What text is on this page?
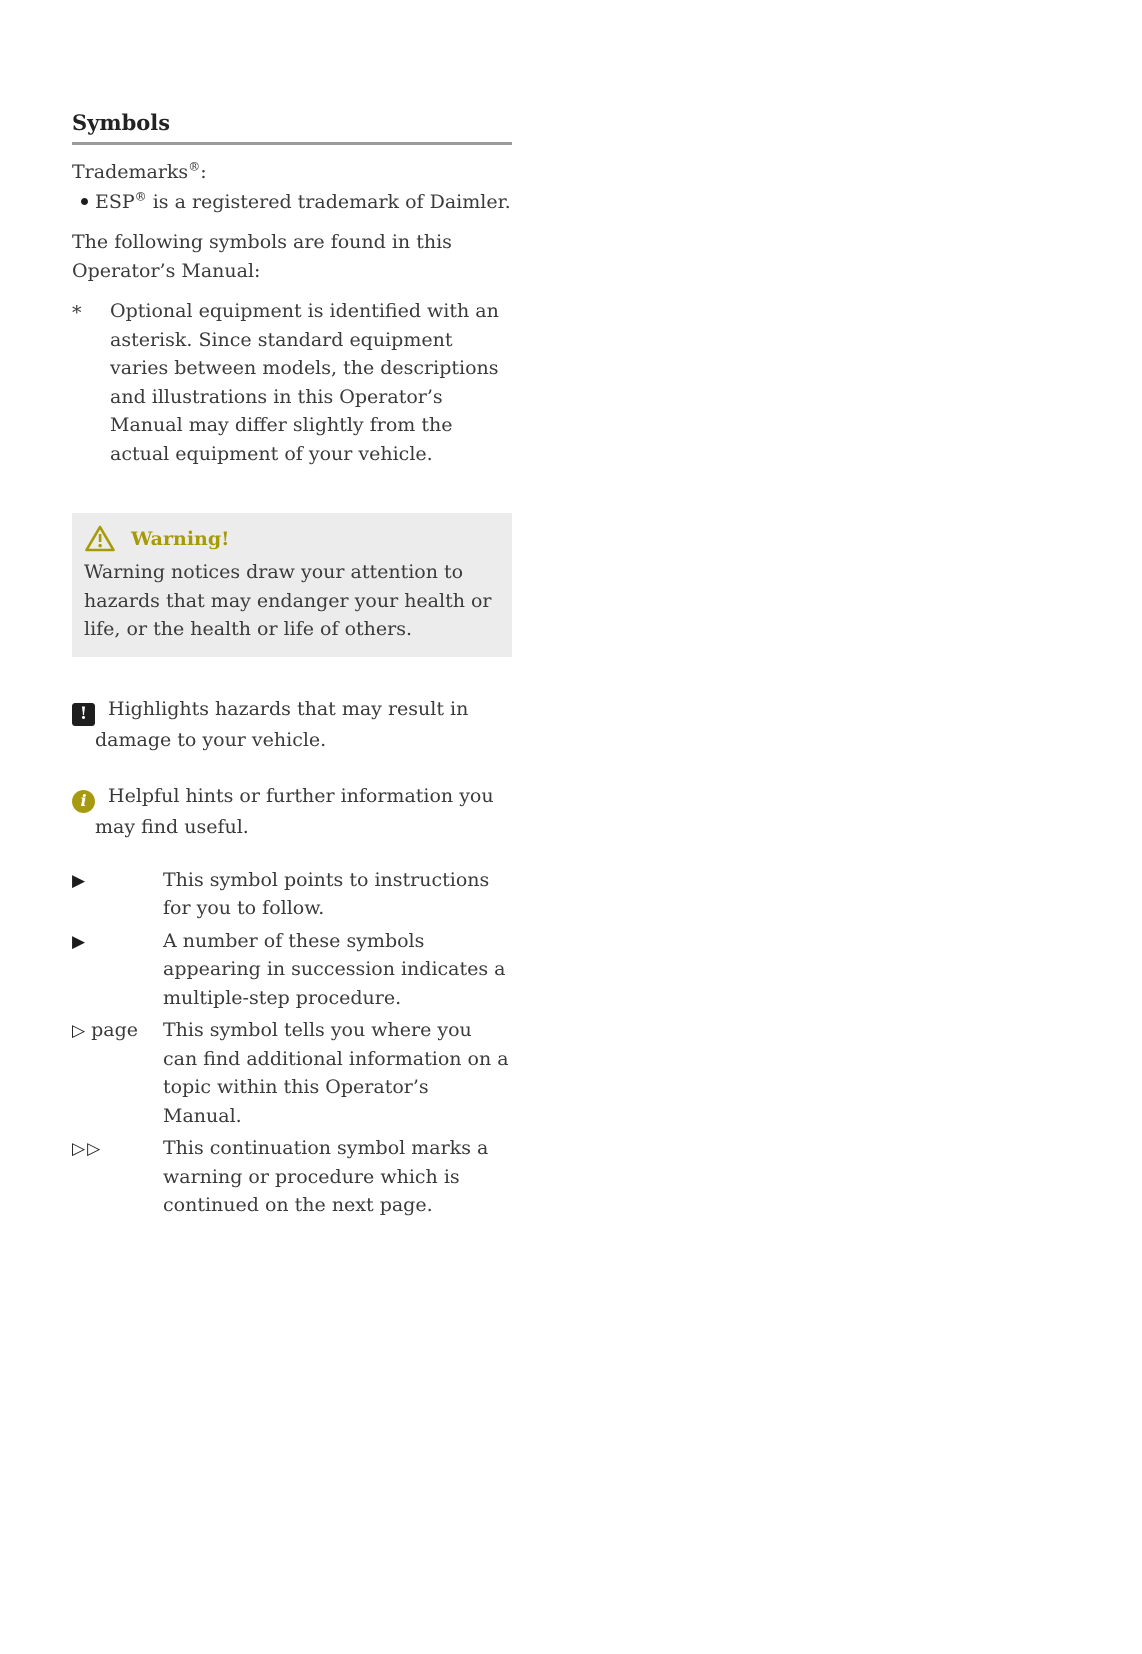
Symbols

Trademarks®:

ESP® is a registered trademark of Daimler.

The following symbols are found in this Operator’s Manual:

* Optional equipment is identified with an asterisk. Since standard equipment varies between models, the descriptions and illustrations in this Operator’s Manual may differ slightly from the actual equipment of your vehicle.
Warning!

Warning notices draw your attention to hazards that may endanger your health or life, or the health or life of others.

! Highlights hazards that may result in damage to your vehicle.
i Helpful hints or further information you may find useful.
▶	This symbol points to instructions for you to follow.
▶	A number of these symbols appearing in succession indicates a multiple-step procedure.
▷ page	This symbol tells you where you can find additional information on a topic within this Operator’s Manual.
▷▷	This continuation symbol marks a warning or procedure which is continued on the next page.
